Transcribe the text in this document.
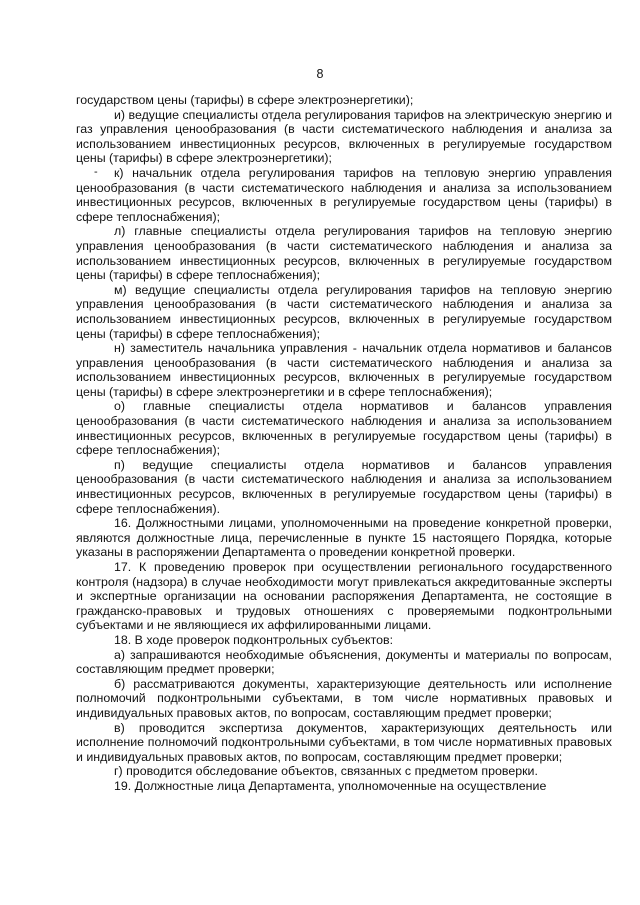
8
-

государством цены (тарифы) в сфере электроэнергетики);

и) ведущие специалисты отдела регулирования тарифов на электрическую энергию и газ управления ценообразования (в части систематического наблюдения и анализа за использованием инвестиционных ресурсов, включенных в регулируемые государством цены (тарифы) в сфере электроэнергетики);

к) начальник отдела регулирования тарифов на тепловую энергию управления ценообразования (в части систематического наблюдения и анализа за использованием инвестиционных ресурсов, включенных в регулируемые государством цены (тарифы) в сфере теплоснабжения);

л) главные специалисты отдела регулирования тарифов на тепловую энергию управления ценообразования (в части систематического наблюдения и анализа за использованием инвестиционных ресурсов, включенных в регулируемые государством цены (тарифы) в сфере теплоснабжения);

м) ведущие специалисты отдела регулирования тарифов на тепловую энергию управления ценообразования (в части систематического наблюдения и анализа за использованием инвестиционных ресурсов, включенных в регулируемые государством цены (тарифы) в сфере теплоснабжения);

н) заместитель начальника управления - начальник отдела нормативов и балансов управления ценообразования (в части систематического наблюдения и анализа за использованием инвестиционных ресурсов, включенных в регулируемые государством цены (тарифы) в сфере электроэнергетики и в сфере теплоснабжения);

о) главные специалисты отдела нормативов и балансов управления ценообразования (в части систематического наблюдения и анализа за использованием инвестиционных ресурсов, включенных в регулируемые государством цены (тарифы) в сфере теплоснабжения);

п) ведущие специалисты отдела нормативов и балансов управления ценообразования (в части систематического наблюдения и анализа за использованием инвестиционных ресурсов, включенных в регулируемые государством цены (тарифы) в сфере теплоснабжения).

16. Должностными лицами, уполномоченными на проведение конкретной проверки, являются должностные лица, перечисленные в пункте 15 настоящего Порядка, которые указаны в распоряжении Департамента о проведении конкретной проверки.

17. К проведению проверок при осуществлении регионального государственного контроля (надзора) в случае необходимости могут привлекаться аккредитованные эксперты и экспертные организации на основании распоряжения Департамента, не состоящие в гражданско-правовых и трудовых отношениях с проверяемыми подконтрольными субъектами и не являющиеся их аффилированными лицами.

18. В ходе проверок подконтрольных субъектов:

а) запрашиваются необходимые объяснения, документы и материалы по вопросам, составляющим предмет проверки;

б) рассматриваются документы, характеризующие деятельность или исполнение полномочий подконтрольными субъектами, в том числе нормативных правовых и индивидуальных правовых актов, по вопросам, составляющим предмет проверки;

в) проводится экспертиза документов, характеризующих деятельность или исполнение полномочий подконтрольными субъектами, в том числе нормативных правовых и индивидуальных правовых актов, по вопросам, составляющим предмет проверки;

г) проводится обследование объектов, связанных с предметом проверки.

19. Должностные лица Департамента, уполномоченные на осуществление
